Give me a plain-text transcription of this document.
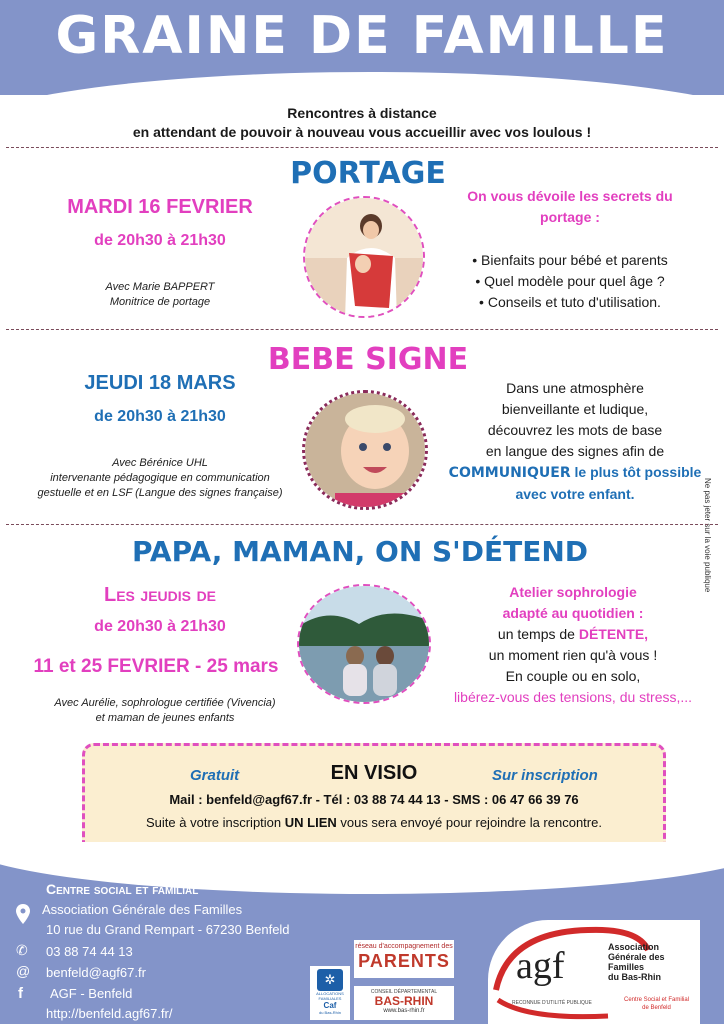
GRAINE DE FAMILLE
Rencontres à distance
en attendant de pouvoir à nouveau vous accueillir avec vos loulous !
Ne pas jeter sur la voie publique
PORTAGE
MARDI 16 FEVRIER
de 20h30 à 21h30
Avec Marie BAPPERT
Monitrice de portage
On vous dévoile les secrets du
portage :
• Bienfaits pour bébé et parents
• Quel modèle pour quel âge ?
• Conseils et tuto d'utilisation.
BEBE SIGNE
JEUDI 18 MARS
de 20h30 à 21h30
Avec Bérénice UHL
intervenante pédagogique en communication
gestuelle et en LSF (Langue des signes française)
Dans une atmosphère
bienveillante et ludique,
découvrez les mots de base
en langue des signes afin de
COMMUNIQUER le plus tôt possible
avec votre enfant.
PAPA, MAMAN, ON S'DÉTEND
Les jeudis de
de 20h30 à 21h30
11 et 25 FEVRIER - 25 mars
Avec Aurélie, sophrologue certifiée (Vivencia)
et maman de jeunes enfants
Atelier sophrologie
adapté au quotidien :
un temps de DÉTENTE,
un moment rien qu'à vous !
En couple ou en solo,
libérez-vous des tensions, du stress,...
Gratuit	EN VISIO	Sur inscription
Mail : benfeld@agf67.fr - Tél : 03 88 74 44 13 - SMS : 06 47 66 39 76
Suite à votre inscription UN LIEN vous sera envoyé pour rejoindre la rencontre.
Centre social et familial
Association Générale des Familles
10 rue du Grand Rempart - 67230 Benfeld
✆ 03 88 74 44 13
@ benfeld@agf67.fr
f AGF - Benfeld
http://benfeld.agf67.fr/
✲
ALLOCATIONS FAMILIALES
Caf
du Bas-Rhin
réseau d'accompagnement des
PARENTS
CONSEIL DÉPARTEMENTAL
BAS-RHIN
www.bas-rhin.fr
agf	Association
Générale des
Familles
du Bas-Rhin
RECONNUE D'UTILITÉ PUBLIQUE	Centre Social et Familial
de Benfeld
